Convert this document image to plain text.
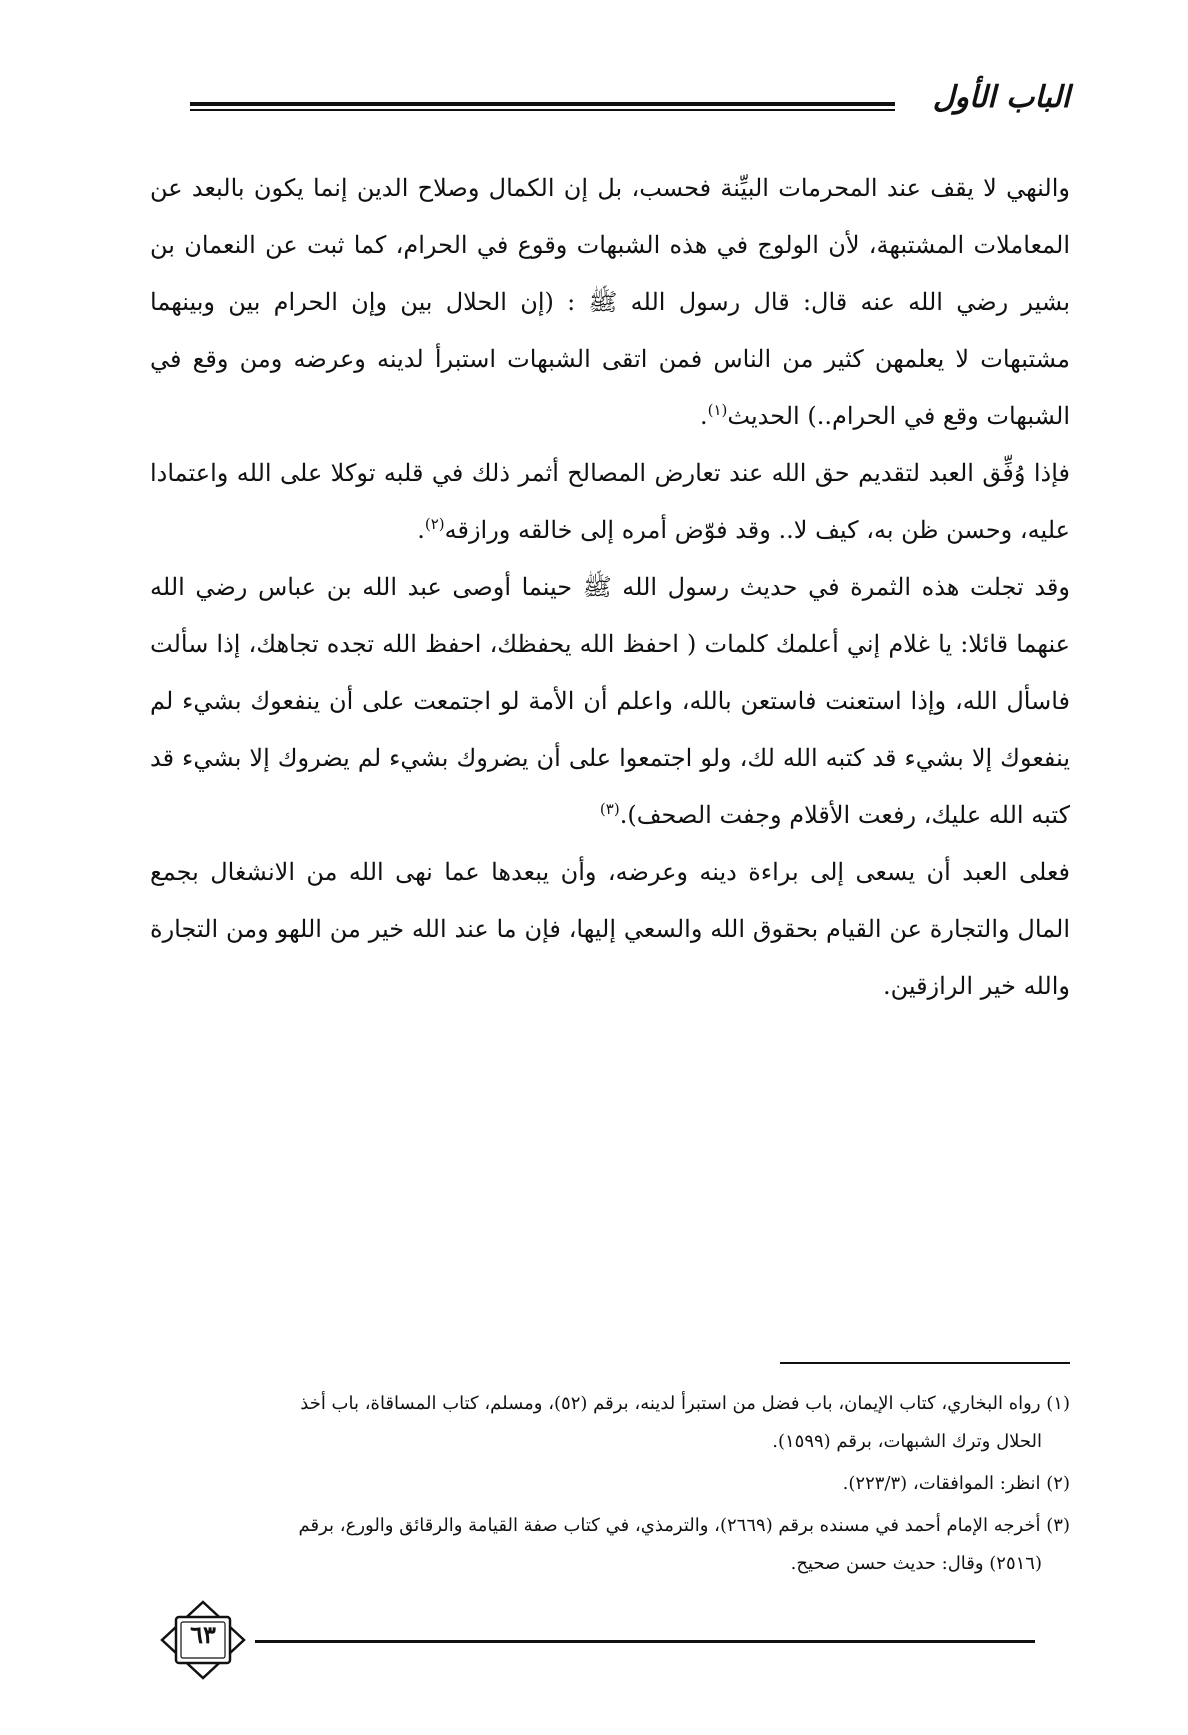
الباب الأول

والنهي لا يقف عند المحرمات البيِّنة فحسب، بل إن الكمال وصلاح الدين إنما يكون بالبعد عن المعاملات المشتبهة، لأن الولوج في هذه الشبهات وقوع في الحرام، كما ثبت عن النعمان بن بشير رضي الله عنه قال: قال رسول الله ﷺ : (إن الحلال بين وإن الحرام بين وبينهما مشتبهات لا يعلمهن كثير من الناس فمن اتقى الشبهات استبرأ لدينه وعرضه ومن وقع في الشبهات وقع في الحرام..) الحديث$^{(١)}$.

فإذا وُفِّق العبد لتقديم حق الله عند تعارض المصالح أثمر ذلك في قلبه توكلا على الله واعتمادا عليه، وحسن ظن به، كيف لا.. وقد فوّض أمره إلى خالقه ورازقه$^{(٢)}$.

وقد تجلت هذه الثمرة في حديث رسول الله ﷺ حينما أوصى عبد الله بن عباس رضي الله عنهما قائلا: يا غلام إني أعلمك كلمات ( احفظ الله يحفظك، احفظ الله تجده تجاهك، إذا سألت فاسأل الله، وإذا استعنت فاستعن بالله، واعلم أن الأمة لو اجتمعت على أن ينفعوك بشيء لم ينفعوك إلا بشيء قد كتبه الله لك، ولو اجتمعوا على أن يضروك بشيء لم يضروك إلا بشيء قد كتبه الله عليك، رفعت الأقلام وجفت الصحف).$^{(٣)}$

فعلى العبد أن يسعى إلى براءة دينه وعرضه، وأن يبعدها عما نهى الله من الانشغال بجمع المال والتجارة عن القيام بحقوق الله والسعي إليها، فإن ما عند الله خير من اللهو ومن التجارة والله خير الرازقين.

(١) رواه البخاري، كتاب الإيمان، باب فضل من استبرأ لدينه، برقم (٥٢)، ومسلم، كتاب المساقاة، باب أخذ
الحلال وترك الشبهات، برقم (١٥٩٩).

(٢) انظر: الموافقات، (٢٢٣/٣).

(٣) أخرجه الإمام أحمد في مسنده برقم (٢٦٦٩)، والترمذي، في كتاب صفة القيامة والرقائق والورع، برقم
(٢٥١٦) وقال: حديث حسن صحيح.

٦٣
